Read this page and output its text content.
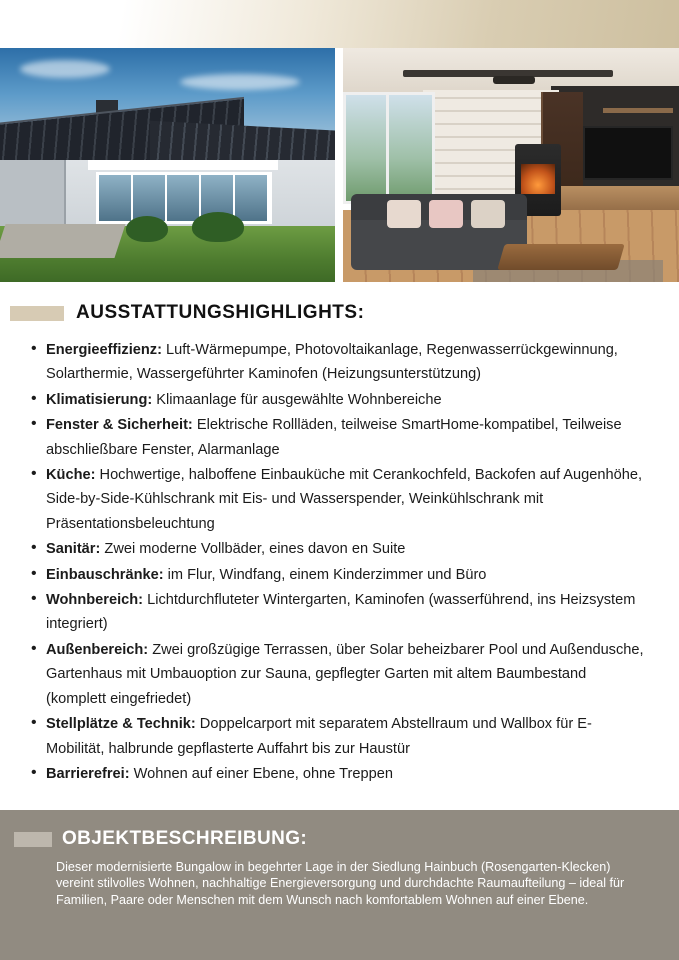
AUSSTATTUNGSHIGHLIGHTS:
• Energieeffizienz: Luft-Wärmepumpe, Photovoltaikanlage, Regenwasserrückgewinnung, Solarthermie, Wassergeführter Kaminofen (Heizungsunterstützung)
• Klimatisierung: Klimaanlage für ausgewählte Wohnbereiche
• Fenster & Sicherheit: Elektrische Rollläden, teilweise SmartHome-kompatibel, Teilweise abschließbare Fenster, Alarmanlage
• Küche: Hochwertige, halboffene Einbauküche mit Cerankochfeld, Backofen auf Augenhöhe, Side-by-Side-Kühlschrank mit Eis- und Wasserspender, Weinkühlschrank mit Präsentationsbeleuchtung
• Sanitär: Zwei moderne Vollbäder, eines davon en Suite
• Einbauschränke: im Flur, Windfang, einem Kinderzimmer und Büro
• Wohnbereich: Lichtdurchfluteter Wintergarten, Kaminofen (wasserführend, ins Heizsystem integriert)
• Außenbereich: Zwei großzügige Terrassen, über Solar beheizbarer Pool und Außendusche, Gartenhaus mit Umbauoption zur Sauna, gepflegter Garten mit altem Baumbestand (komplett eingefriedet)
• Stellplätze & Technik: Doppelcarport mit separatem Abstellraum und Wallbox für E-Mobilität, halbrunde gepflasterte Auffahrt bis zur Haustür
• Barrierefrei: Wohnen auf einer Ebene, ohne Treppen
OBJEKTBESCHREIBUNG:
Dieser modernisierte Bungalow in begehrter Lage in der Siedlung Hainbuch (Rosengarten-Klecken) vereint stilvolles Wohnen, nachhaltige Energieversorgung und durchdachte Raumaufteilung – ideal für Familien, Paare oder Menschen mit dem Wunsch nach komfortablem Wohnen auf einer Ebene.
